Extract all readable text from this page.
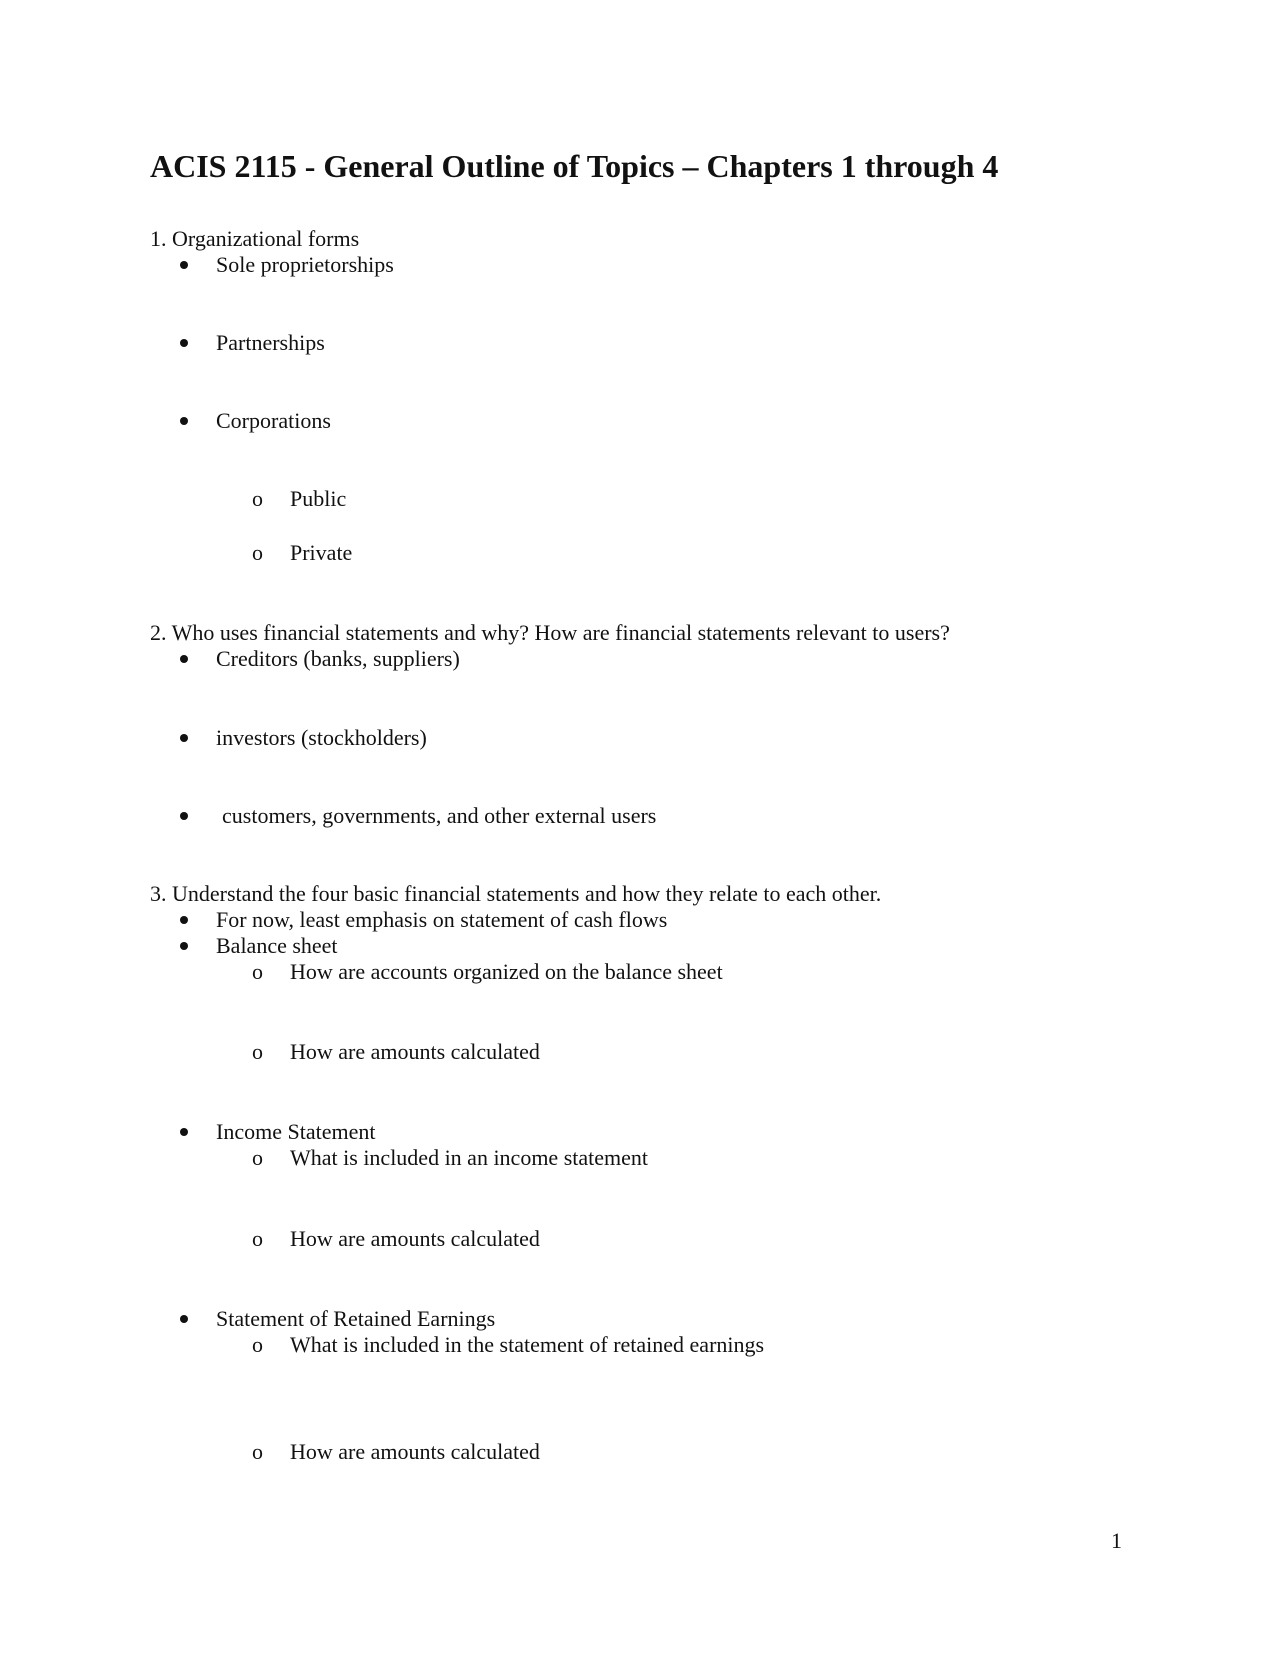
ACIS 2115 - General Outline of Topics – Chapters 1 through 4
1. Organizational forms
Sole proprietorships
Partnerships
Corporations
o Public
o Private
2. Who uses financial statements and why? How are financial statements relevant to users?
Creditors (banks, suppliers)
investors (stockholders)
customers, governments, and other external users
3. Understand the four basic financial statements and how they relate to each other.
For now, least emphasis on statement of cash flows
Balance sheet
o How are accounts organized on the balance sheet
o How are amounts calculated
Income Statement
o What is included in an income statement
o How are amounts calculated
Statement of Retained Earnings
o What is included in the statement of retained earnings
o How are amounts calculated
1
